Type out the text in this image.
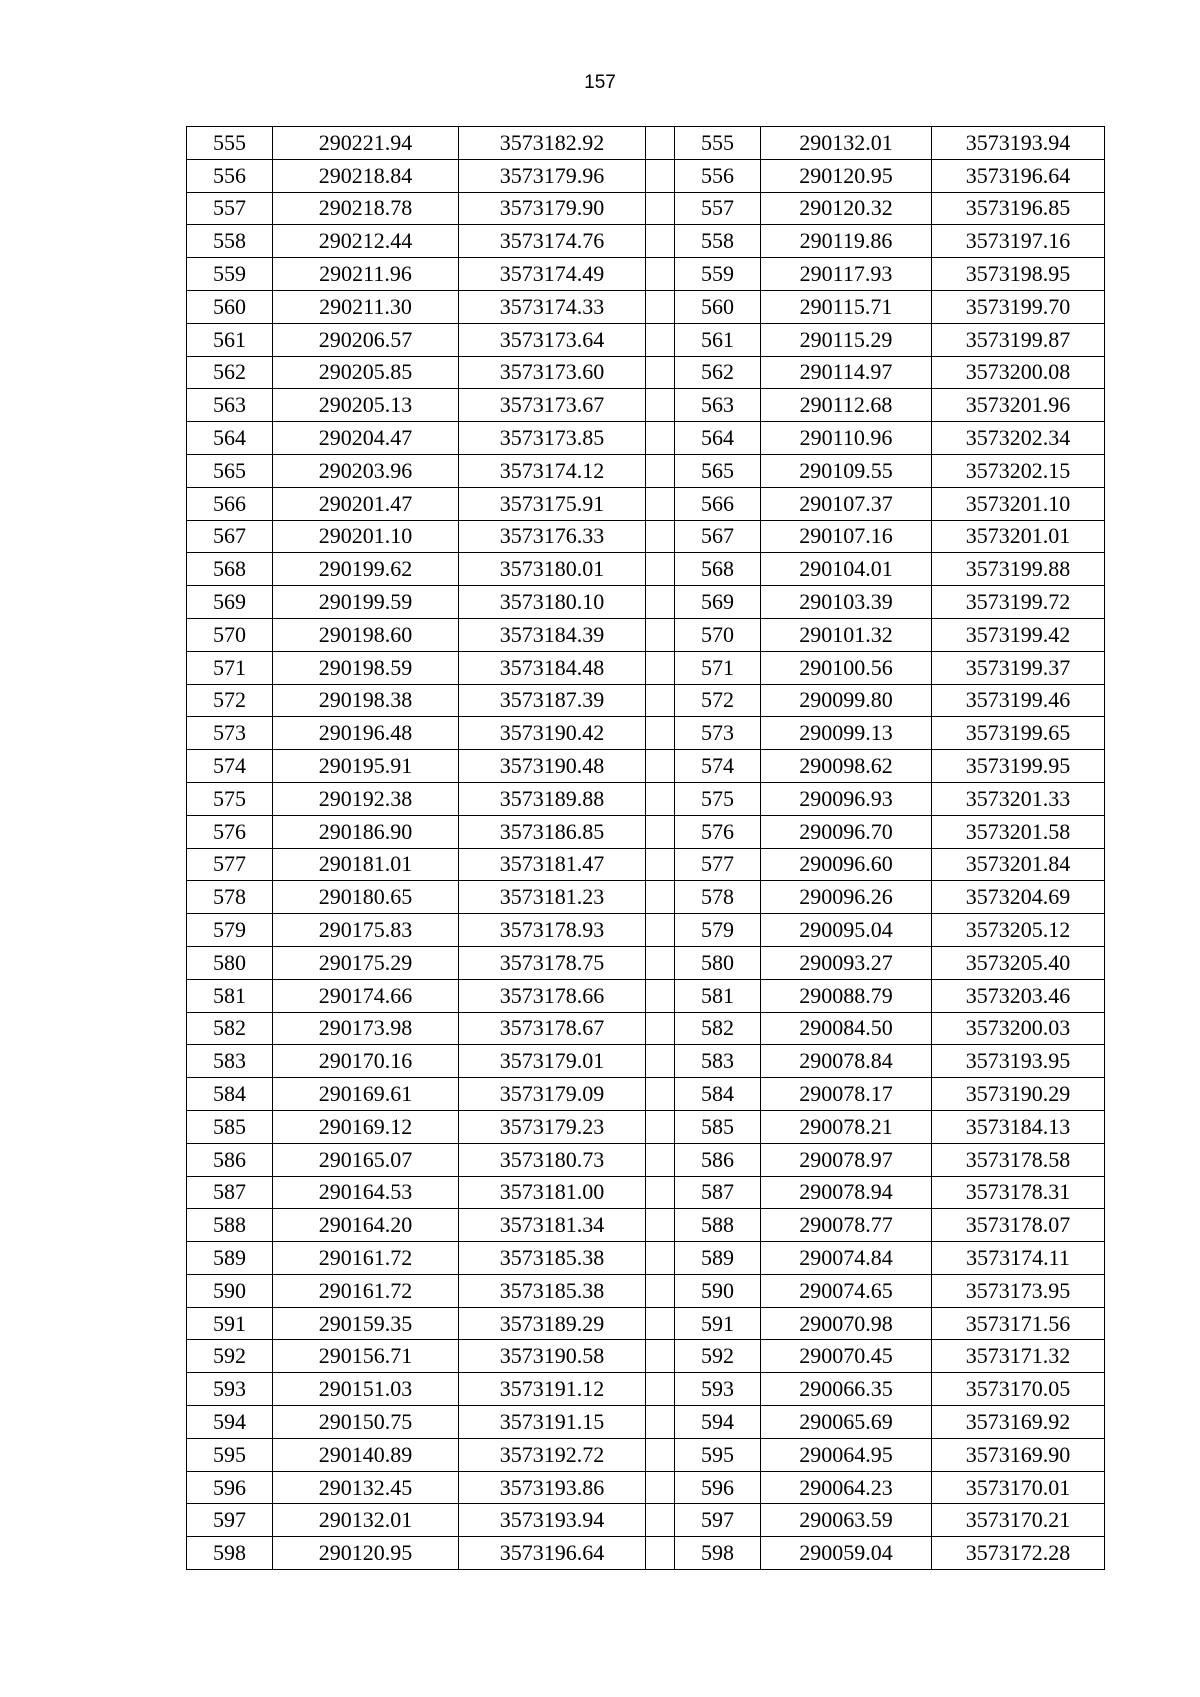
157
555	290221.94	3573182.92		555	290132.01	3573193.94
556	290218.84	3573179.96		556	290120.95	3573196.64
557	290218.78	3573179.90		557	290120.32	3573196.85
558	290212.44	3573174.76		558	290119.86	3573197.16
559	290211.96	3573174.49		559	290117.93	3573198.95
560	290211.30	3573174.33		560	290115.71	3573199.70
561	290206.57	3573173.64		561	290115.29	3573199.87
562	290205.85	3573173.60		562	290114.97	3573200.08
563	290205.13	3573173.67		563	290112.68	3573201.96
564	290204.47	3573173.85		564	290110.96	3573202.34
565	290203.96	3573174.12		565	290109.55	3573202.15
566	290201.47	3573175.91		566	290107.37	3573201.10
567	290201.10	3573176.33		567	290107.16	3573201.01
568	290199.62	3573180.01		568	290104.01	3573199.88
569	290199.59	3573180.10		569	290103.39	3573199.72
570	290198.60	3573184.39		570	290101.32	3573199.42
571	290198.59	3573184.48		571	290100.56	3573199.37
572	290198.38	3573187.39		572	290099.80	3573199.46
573	290196.48	3573190.42		573	290099.13	3573199.65
574	290195.91	3573190.48		574	290098.62	3573199.95
575	290192.38	3573189.88		575	290096.93	3573201.33
576	290186.90	3573186.85		576	290096.70	3573201.58
577	290181.01	3573181.47		577	290096.60	3573201.84
578	290180.65	3573181.23		578	290096.26	3573204.69
579	290175.83	3573178.93		579	290095.04	3573205.12
580	290175.29	3573178.75		580	290093.27	3573205.40
581	290174.66	3573178.66		581	290088.79	3573203.46
582	290173.98	3573178.67		582	290084.50	3573200.03
583	290170.16	3573179.01		583	290078.84	3573193.95
584	290169.61	3573179.09		584	290078.17	3573190.29
585	290169.12	3573179.23		585	290078.21	3573184.13
586	290165.07	3573180.73		586	290078.97	3573178.58
587	290164.53	3573181.00		587	290078.94	3573178.31
588	290164.20	3573181.34		588	290078.77	3573178.07
589	290161.72	3573185.38		589	290074.84	3573174.11
590	290161.72	3573185.38		590	290074.65	3573173.95
591	290159.35	3573189.29		591	290070.98	3573171.56
592	290156.71	3573190.58		592	290070.45	3573171.32
593	290151.03	3573191.12		593	290066.35	3573170.05
594	290150.75	3573191.15		594	290065.69	3573169.92
595	290140.89	3573192.72		595	290064.95	3573169.90
596	290132.45	3573193.86		596	290064.23	3573170.01
597	290132.01	3573193.94		597	290063.59	3573170.21
598	290120.95	3573196.64		598	290059.04	3573172.28
